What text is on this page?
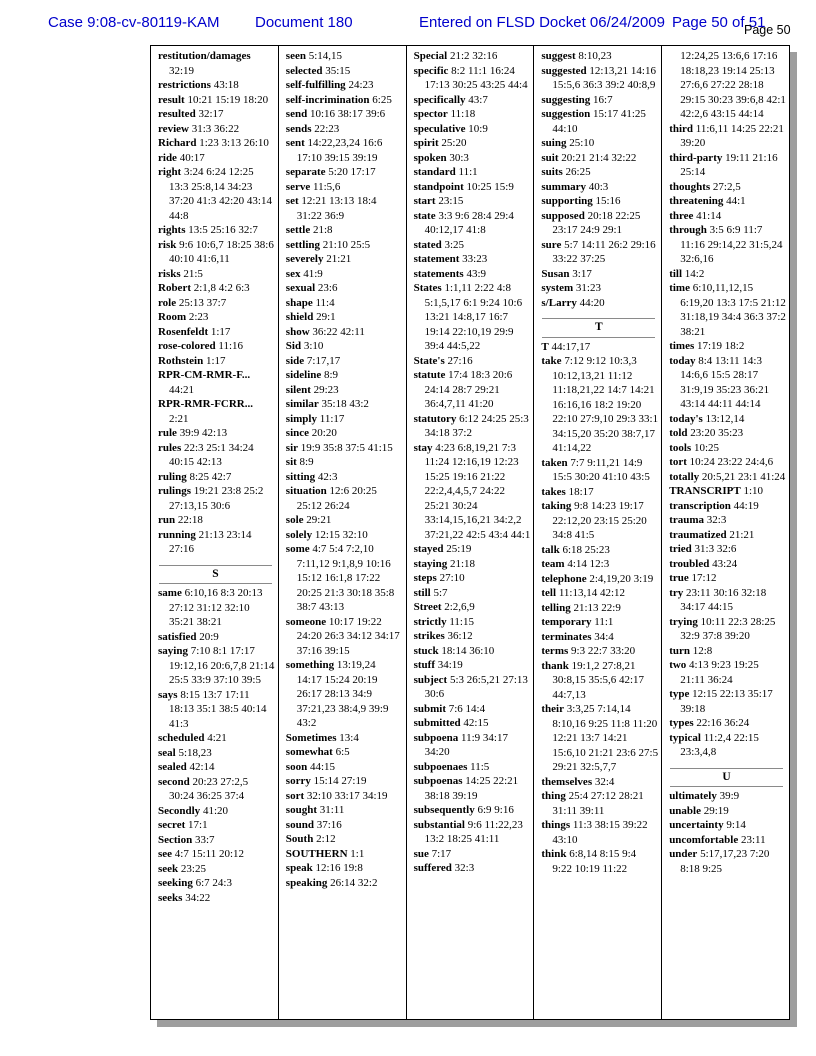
Case 9:08-cv-80119-KAM Document 180	Entered on FLSD Docket 06/24/2009 Page 50 of 51
Page 50
restitution/damages 32:19
restrictions 43:18
result 10:21 15:19 18:20
resulted 32:17
review 31:3 36:22
Richard 1:23 3:13 26:10
ride 40:17
right 3:24 6:24 12:25 13:3 25:8,14 34:23 37:20 41:3 42:20 43:14 44:8
rights 13:5 25:16 32:7
risk 9:6 10:6,7 18:25 38:6 40:10 41:6,11
risks 21:5
Robert 2:1,8 4:2 6:3
role 25:13 37:7
Room 2:23
Rosenfeldt 1:17
rose-colored 11:16
Rothstein 1:17
RPR-CM-RMR-F... 44:21
RPR-RMR-FCRR... 2:21
rule 39:9 42:13
rules 22:3 25:1 34:24 40:15 42:13
ruling 8:25 42:7
rulings 19:21 23:8 25:2 27:13,15 30:6
run 22:18
running 21:13 23:14 27:16
S
same 6:10,16 8:3 20:13 27:12 31:12 32:10 35:21 38:21
satisfied 20:9
saying 7:10 8:1 17:17 19:12,16 20:6,7,8 21:14 25:5 33:9 37:10 39:5
says 8:15 13:7 17:11 18:13 35:1 38:5 40:14 41:3
scheduled 4:21
seal 5:18,23
sealed 42:14
second 20:23 27:2,5 30:24 36:25 37:4
Secondly 41:20
secret 17:1
Section 33:7
see 4:7 15:11 20:12
seek 23:25
seeking 6:7 24:3
seeks 34:22
seen 5:14,15
selected 35:15
self-fulfilling 24:23
self-incrimination 6:25
send 10:16 38:17 39:6
sends 22:23
sent 14:22,23,24 16:6 17:10 39:15 39:19
separate 5:20 17:17
serve 11:5,6
set 12:21 13:13 18:4 31:22 36:9
settle 21:8
settling 21:10 25:5
severely 21:21
sex 41:9
sexual 23:6
shape 11:4
shield 29:1
show 36:22 42:11
Sid 3:10
side 7:17,17
sideline 8:9
silent 29:23
similar 35:18 43:2
simply 11:17
since 20:20
sir 19:9 35:8 37:5 41:15
sit 8:9
sitting 42:3
situation 12:6 20:25 25:12 26:24
sole 29:21
solely 12:15 32:10
some 4:7 5:4 7:2,10 7:11,12 9:1,8,9 10:16 15:12 16:1,8 17:22 20:25 21:3 30:18 35:8 38:7 43:13
someone 10:17 19:22 24:20 26:3 34:12 34:17 37:16 39:15
something 13:19,24 14:17 15:24 20:19 26:17 28:13 34:9 37:21,23 38:4,9 39:9 43:2
Sometimes 13:4
somewhat 6:5
soon 44:15
sorry 15:14 27:19
sort 32:10 33:17 34:19
sought 31:11
sound 37:16
South 2:12
SOUTHERN 1:1
speak 12:16 19:8
speaking 26:14 32:2
Special 21:2 32:16
specific 8:2 11:1 16:24 17:13 30:25 43:25 44:4
specifically 43:7
spector 11:18
speculative 10:9
spirit 25:20
spoken 30:3
standard 11:1
standpoint 10:25 15:9
start 23:15
state 3:3 9:6 28:4 29:4 40:12,17 41:8
stated 3:25
statement 33:23
statements 43:9
States 1:1,11 2:22 4:8 5:1,5,17 6:1 9:24 10:6 13:21 14:8,17 16:7 19:14 22:10,19 29:9 39:4 44:5,22
State's 27:16
statute 17:4 18:3 20:6 24:14 28:7 29:21 36:4,7,11 41:20
statutory 6:12 24:25 25:3 34:18 37:2
stay 4:23 6:8,19,21 7:3 11:24 12:16,19 12:23 15:25 19:16 21:22 22:2,4,4,5,7 24:22 25:21 30:24 33:14,15,16,21 34:2,2 37:21,22 42:5 43:4 44:1
stayed 25:19
staying 21:18
steps 27:10
still 5:7
Street 2:2,6,9
strictly 11:15
strikes 36:12
stuck 18:14 36:10
stuff 34:19
subject 5:3 26:5,21 27:13 30:6
submit 7:6 14:4
submitted 42:15
subpoena 11:9 34:17 34:20
subpoenaes 11:5
subpoenas 14:25 22:21 38:18 39:19
subsequently 6:9 9:16
substantial 9:6 11:22,23 13:2 18:25 41:11
sue 7:17
suffered 32:3
suggest 8:10,23
suggested 12:13,21 14:16 15:5,6 36:3 39:2 40:8,9
suggesting 16:7
suggestion 15:17 41:25 44:10
suing 25:10
suit 20:21 21:4 32:22
suits 26:25
summary 40:3
supporting 15:16
supposed 20:18 22:25 23:17 24:9 29:1
sure 5:7 14:11 26:2 29:16 33:22 37:25
Susan 3:17
system 31:23
s/Larry 44:20
T
T 44:17,17
take 7:12 9:12 10:3,3 10:12,13,21 11:12 11:18,21,22 14:7 14:21 16:16,16 18:2 19:20 22:10 27:9,10 29:3 33:1 34:15,20 35:20 38:7,17 41:14,22
taken 7:7 9:11,21 14:9 15:5 30:20 41:10 43:5
takes 18:17
taking 9:8 14:23 19:17 22:12,20 23:15 25:20 34:8 41:5
talk 6:18 25:23
team 4:14 12:3
telephone 2:4,19,20 3:19
tell 11:13,14 42:12
telling 21:13 22:9
temporary 11:1
terminates 34:4
terms 9:3 22:7 33:20
thank 19:1,2 27:8,21 30:8,15 35:5,6 42:17 44:7,13
their 3:3,25 7:14,14 8:10,16 9:25 11:8 11:20 12:21 13:7 14:21 15:6,10 21:21 23:6 27:5 29:21 32:5,7,7
themselves 32:4
thing 25:4 27:12 28:21 31:11 39:11
things 11:3 38:15 39:22 43:10
think 6:8,14 8:15 9:4 9:22 10:19 11:22
12:24,25 13:6,6 17:16 18:18,23 19:14 25:13 27:6,6 27:22 28:18 29:15 30:23 39:6,8 42:1 42:2,6 43:15 44:14
third 11:6,11 14:25 22:21 39:20
third-party 19:11 21:16 25:14
thoughts 27:2,5
threatening 44:1
three 41:14
through 3:5 6:9 11:7 11:16 29:14,22 31:5,24 32:6,16
till 14:2
time 6:10,11,12,15 6:19,20 13:3 17:5 21:12 31:18,19 34:4 36:3 37:2 38:21
times 17:19 18:2
today 8:4 13:11 14:3 14:6,6 15:5 28:17 31:9,19 35:23 36:21 43:14 44:11 44:14
today's 13:12,14
told 23:20 35:23
tools 10:25
tort 10:24 23:22 24:4,6
totally 20:5,21 23:1 41:24
TRANSCRIPT 1:10
transcription 44:19
trauma 32:3
traumatized 21:21
tried 31:3 32:6
troubled 43:24
true 17:12
try 23:11 30:16 32:18 34:17 44:15
trying 10:11 22:3 28:25 32:9 37:8 39:20
turn 12:8
two 4:13 9:23 19:25 21:11 36:24
type 12:15 22:13 35:17 39:18
types 22:16 36:24
typical 11:2,4 22:15 23:3,4,8
U
ultimately 39:9
unable 29:19
uncertainty 9:14
uncomfortable 23:11
under 5:17,17,23 7:20 8:18 9:25
